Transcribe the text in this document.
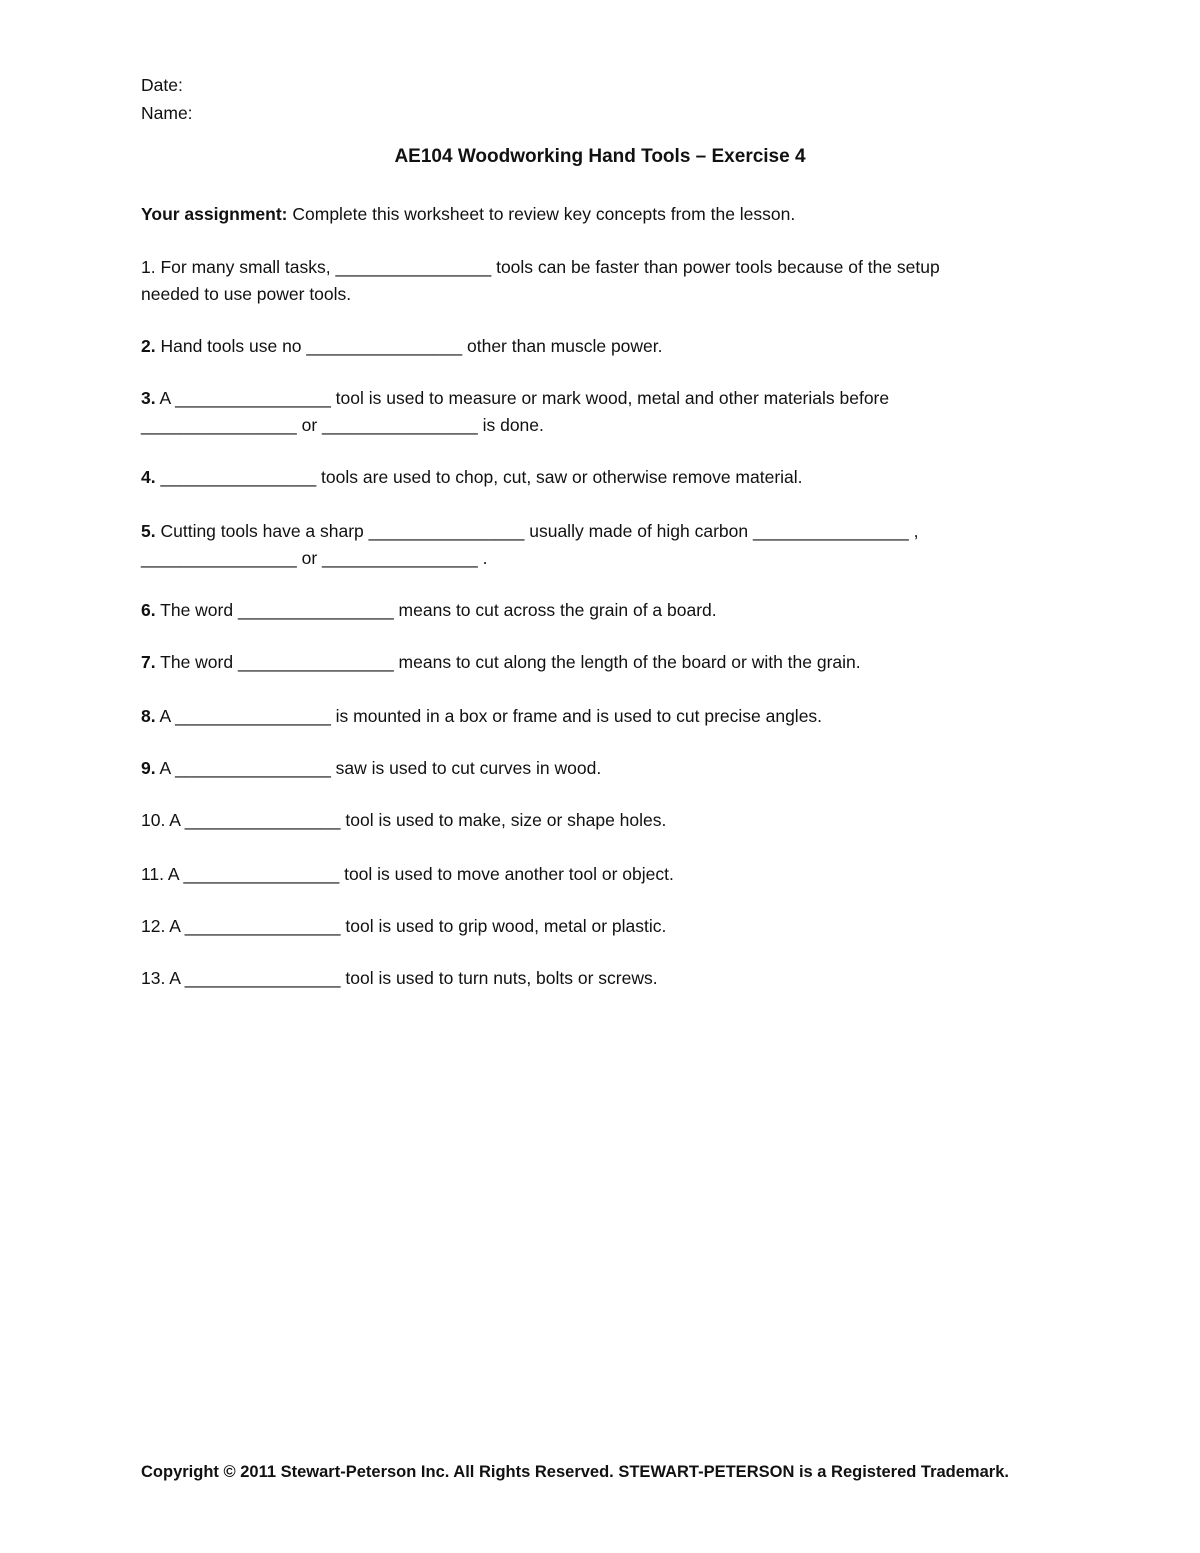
Date:
Name:
AE104 Woodworking Hand Tools – Exercise 4
Your assignment: Complete this worksheet to review key concepts from the lesson.
1. For many small tasks, ________________ tools can be faster than power tools because of the setup
needed to use power tools.
2. Hand tools use no ________________ other than muscle power.
3. A ________________ tool is used to measure or mark wood, metal and other materials before
________________ or ________________ is done.
4. ________________ tools are used to chop, cut, saw or otherwise remove material.
5. Cutting tools have a sharp ________________ usually made of high carbon ________________ ,
________________ or ________________ .
6. The word ________________ means to cut across the grain of a board.
7. The word ________________ means to cut along the length of the board or with the grain.
8. A ________________ is mounted in a box or frame and is used to cut precise angles.
9. A ________________ saw is used to cut curves in wood.
10. A ________________ tool is used to make, size or shape holes.
11. A ________________ tool is used to move another tool or object.
12. A ________________ tool is used to grip wood, metal or plastic.
13. A ________________ tool is used to turn nuts, bolts or screws.
Copyright © 2011 Stewart-Peterson Inc. All Rights Reserved. STEWART-PETERSON is a Registered Trademark.
